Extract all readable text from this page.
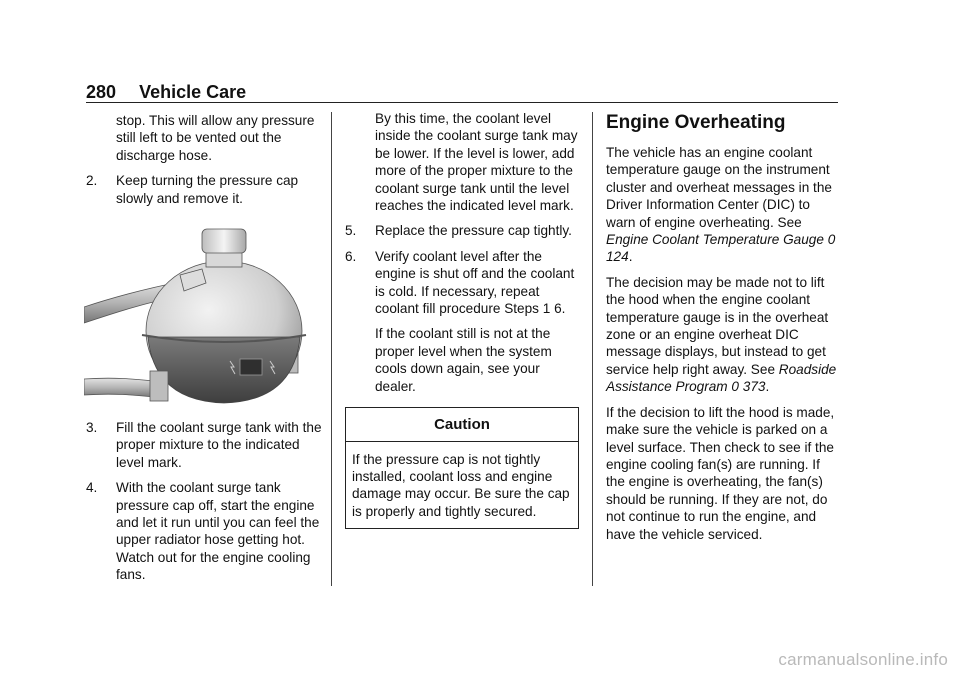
280 Vehicle Care

stop. This will allow any pressure still left to be vented out the discharge hose.

2.	Keep turning the pressure cap slowly and remove it.
3.	Fill the coolant surge tank with the proper mixture to the indicated level mark.
4.	With the coolant surge tank pressure cap off, start the engine and let it run until you can feel the upper radiator hose getting hot. Watch out for the engine cooling fans.

By this time, the coolant level inside the coolant surge tank may be lower. If the level is lower, add more of the proper mixture to the coolant surge tank until the level reaches the indicated level mark.

5.	Replace the pressure cap tightly.
6.	Verify coolant level after the engine is shut off and the coolant is cold. If necessary, repeat coolant fill procedure Steps 1 6.

If the coolant still is not at the proper level when the system cools down again, see your dealer.

Caution
If the pressure cap is not tightly installed, coolant loss and engine damage may occur. Be sure the cap is properly and tightly secured.
Engine Overheating

The vehicle has an engine coolant temperature gauge on the instrument cluster and overheat messages in the Driver Information Center (DIC) to warn of engine overheating. See Engine Coolant Temperature Gauge 0 124.

The decision may be made not to lift the hood when the engine coolant temperature gauge is in the overheat zone or an engine overheat DIC message displays, but instead to get service help right away. See Roadside Assistance Program 0 373.

If the decision to lift the hood is made, make sure the vehicle is parked on a level surface. Then check to see if the engine cooling fan(s) are running. If the engine is overheating, the fan(s) should be running. If they are not, do not continue to run the engine, and have the vehicle serviced.

carmanualsonline.info
